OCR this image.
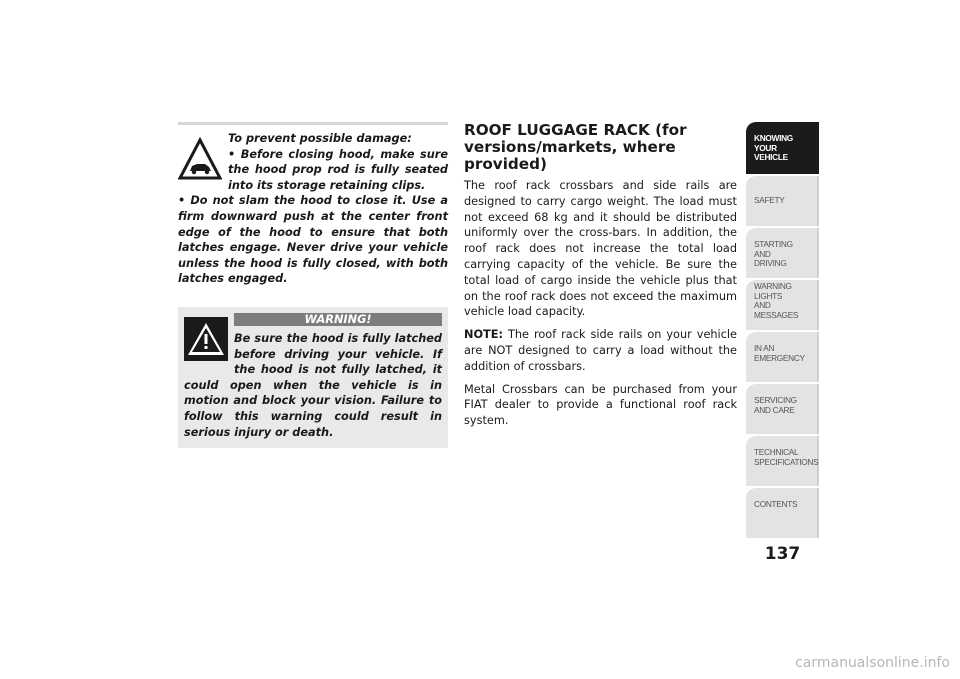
To prevent possible damage:

• Before closing hood, make sure the hood prop rod is fully seated into its storage retaining clips.

• Do not slam the hood to close it. Use a firm downward push at the center front edge of the hood to ensure that both latches engage. Never drive your vehicle unless the hood is fully closed, with both latches engaged.

WARNING!

Be sure the hood is fully latched before driving your vehicle. If the hood is not fully latched, it could open when the vehicle is in motion and block your vision. Failure to follow this warning could result in serious injury or death.

ROOF LUGGAGE RACK (for versions/markets, where provided)

The roof rack crossbars and side rails are designed to carry cargo weight. The load must not exceed 68 kg and it should be distributed uniformly over the cross-bars. In addition, the roof rack does not increase the total load carrying capacity of the vehicle. Be sure the total load of cargo inside the vehicle plus that on the roof rack does not exceed the maximum vehicle load capacity.

NOTE: The roof rack side rails on your vehicle are NOT designed to carry a load without the addition of crossbars.

Metal Crossbars can be purchased from your FIAT dealer to provide a functional roof rack system.

KNOWING
YOUR
VEHICLE
SAFETY
STARTING
AND
DRIVING
WARNING
LIGHTS
AND
MESSAGES
IN AN
EMERGENCY
SERVICING
AND CARE
TECHNICAL
SPECIFICATIONS
CONTENTS
137
carmanualsonline.info
